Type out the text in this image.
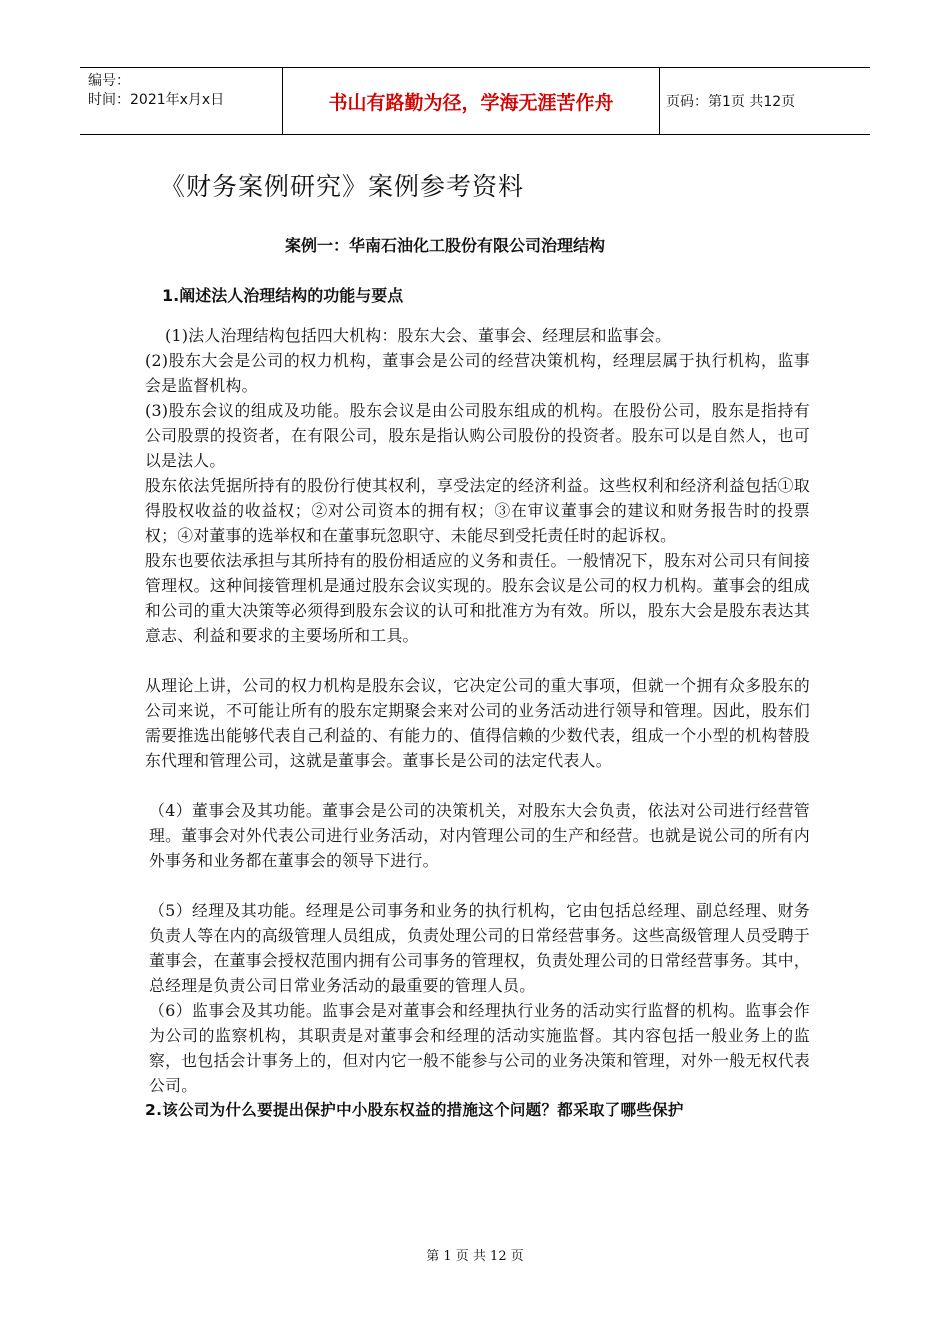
编号：
时间：2021年x月x日	书山有路勤为径，学海无涯苦作舟	页码：第1页 共12页
《财务案例研究》案例参考资料
案例一：华南石油化工股份有限公司治理结构
1.阐述法人治理结构的功能与要点

(1)法人治理结构包括四大机构：股东大会、董事会、经理层和监事会。

(2)股东大会是公司的权力机构，董事会是公司的经营决策机构，经理层属于执行机构，监事会是监督机构。

(3)股东会议的组成及功能。股东会议是由公司股东组成的机构。在股份公司，股东是指持有公司股票的投资者，在有限公司，股东是指认购公司股份的投资者。股东可以是自然人，也可以是法人。

股东依法凭据所持有的股份行使其权利，享受法定的经济利益。这些权利和经济利益包括①取得股权收益的收益权；②对公司资本的拥有权；③在审议董事会的建议和财务报告时的投票权；④对董事的选举权和在董事玩忽职守、未能尽到受托责任时的起诉权。

股东也要依法承担与其所持有的股份相适应的义务和责任。一般情况下，股东对公司只有间接管理权。这种间接管理机是通过股东会议实现的。股东会议是公司的权力机构。董事会的组成和公司的重大决策等必须得到股东会议的认可和批准方为有效。所以，股东大会是股东表达其意志、利益和要求的主要场所和工具。

从理论上讲，公司的权力机构是股东会议，它决定公司的重大事项，但就一个拥有众多股东的公司来说，不可能让所有的股东定期聚会来对公司的业务活动进行领导和管理。因此，股东们需要推选出能够代表自己利益的、有能力的、值得信赖的少数代表，组成一个小型的机构替股东代理和管理公司，这就是董事会。董事长是公司的法定代表人。

（4）董事会及其功能。董事会是公司的决策机关，对股东大会负责，依法对公司进行经营管理。董事会对外代表公司进行业务活动，对内管理公司的生产和经营。也就是说公司的所有内外事务和业务都在董事会的领导下进行。

（5）经理及其功能。经理是公司事务和业务的执行机构，它由包括总经理、副总经理、财务负责人等在内的高级管理人员组成，负责处理公司的日常经营事务。这些高级管理人员受聘于董事会，在董事会授权范围内拥有公司事务的管理权，负责处理公司的日常经营事务。其中，总经理是负责公司日常业务活动的最重要的管理人员。

（6）监事会及其功能。监事会是对董事会和经理执行业务的活动实行监督的机构。监事会作为公司的监察机构，其职责是对董事会和经理的活动实施监督。其内容包括一般业务上的监察，也包括会计事务上的，但对内它一般不能参与公司的业务决策和管理，对外一般无权代表公司。

2.该公司为什么要提出保护中小股东权益的措施这个问题？都采取了哪些保护

第 1 页 共 12 页
